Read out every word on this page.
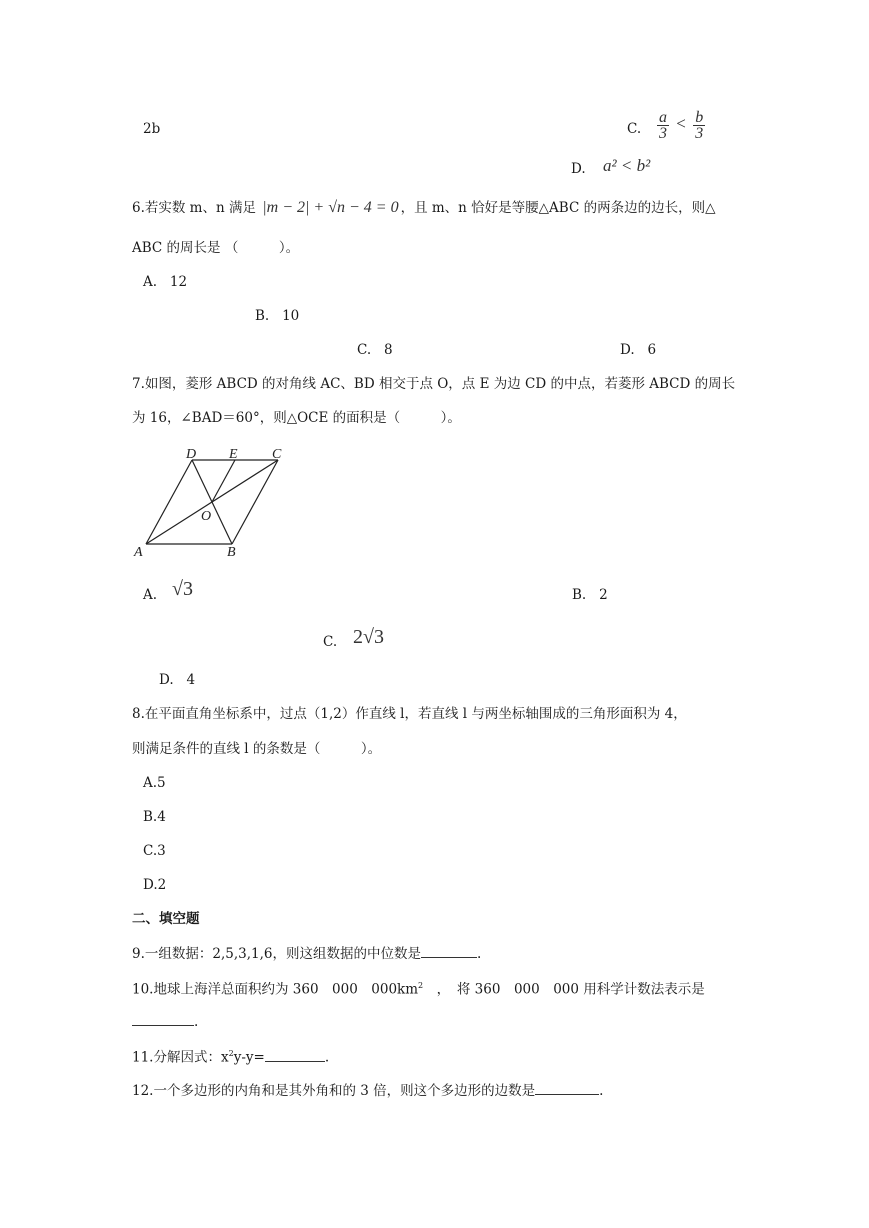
2b	C. $\frac{a}{3} < \frac{b}{3}$
D. a² < b²
6.若实数 m、n 满足 |m − 2| + √n − 4 = 0 ，且 m、n 恰好是等腰△ABC 的两条边的边长，则△
ABC 的周长是 （　　　）。
A. 12
B. 10
C. 8	D. 6
7.如图，菱形 ABCD 的对角线 AC、BD 相交于点 O，点 E 为边 CD 的中点，若菱形 ABCD 的周长
为 16，∠BAD＝60°，则△OCE 的面积是（　　　）。
A	B
C
D E
O
A. √3	B. 2
C. 2√3
D. 4
8.在平面直角坐标系中，过点（1,2）作直线 l，若直线 l 与两坐标轴围成的三角形面积为 4，
则满足条件的直线 l 的条数是（　　　）。
A.5
B.4
C.3
D.2
二、填空题
9.一组数据：2,5,3,1,6，则这组数据的中位数是	.
10.地球上海洋总面积约为 360　000　$000km^2$　，　将 360　000　000 用科学计数法表示是
.
11.分解因式：$x^2y-y=$	.
12.一个多边形的内角和是其外角和的 3 倍，则这个多边形的边数是	.
